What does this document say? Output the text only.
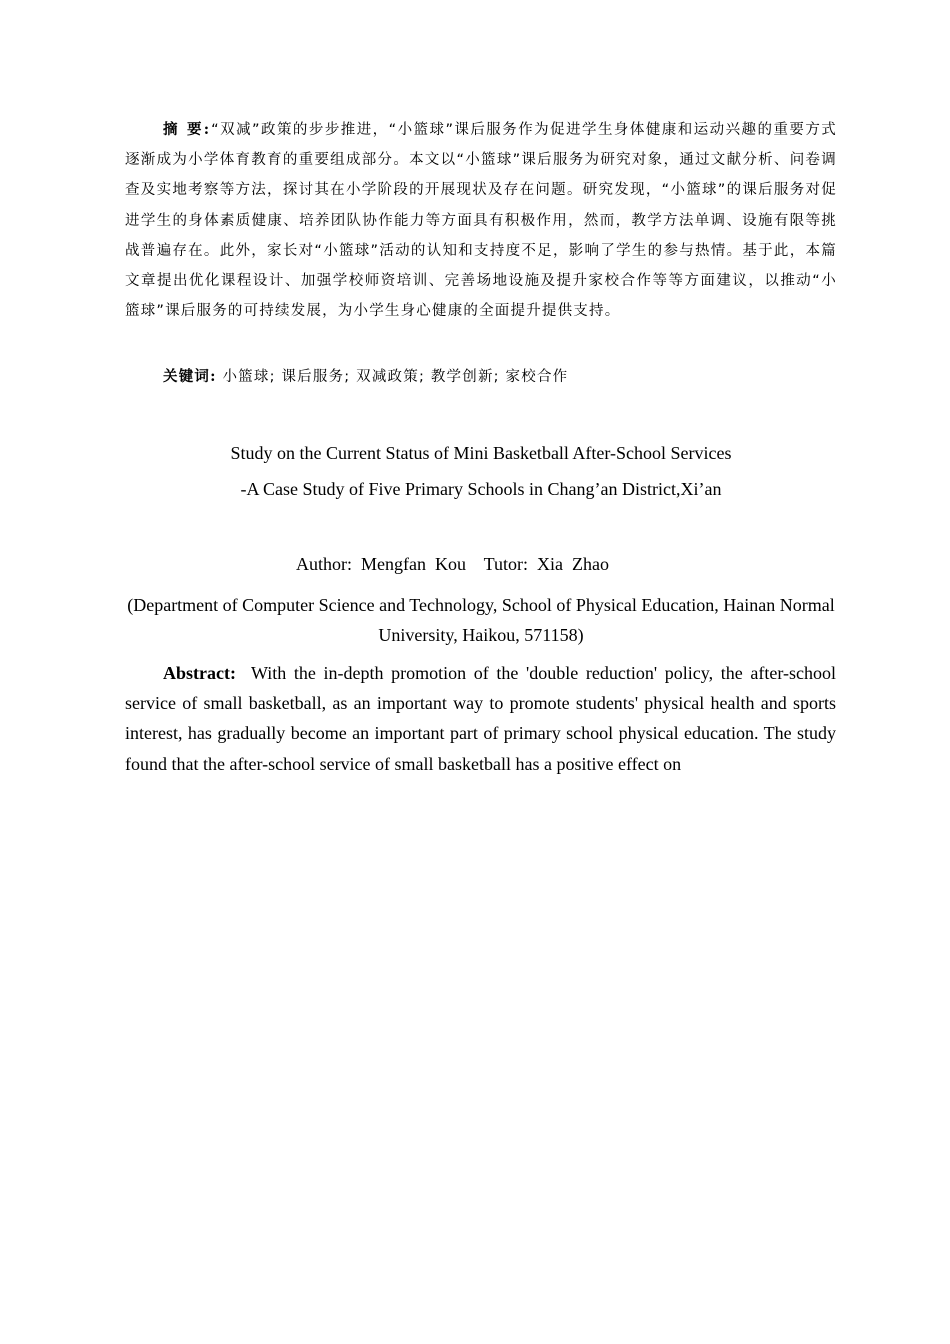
摘 要:“双减”政策的步步推进，“小篮球”课后服务作为促进学生身体健康和运动兴趣的重要方式逐渐成为小学体育教育的重要组成部分。本文以“小篮球”课后服务为研究对象，通过文献分析、问卷调查及实地考察等方法，探讨其在小学阶段的开展现状及存在问题。研究发现，“小篮球”的课后服务对促进学生的身体素质健康、培养团队协作能力等方面具有积极作用，然而，教学方法单调、设施有限等挑战普遍存在。此外，家长对“小篮球”活动的认知和支持度不足，影响了学生的参与热情。基于此，本篇文章提出优化课程设计、加强学校师资培训、完善场地设施及提升家校合作等等方面建议，以推动“小篮球”课后服务的可持续发展，为小学生身心健康的全面提升提供支持。

关键词: 小篮球; 课后服务; 双减政策; 教学创新; 家校合作

Study on the Current Status of Mini Basketball After-School Services

-A Case Study of Five Primary Schools in Chang’an District,Xi’an

Author:  Mengfan  Kou    Tutor:  Xia  Zhao

(Department of Computer Science and Technology, School of Physical Education, Hainan Normal University, Haikou, 571158)

Abstract: With the in-depth promotion of the 'double reduction' policy, the after-school service of small basketball, as an important way to promote students' physical health and sports interest, has gradually become an important part of primary school physical education. The study found that the after-school service of small basketball has a positive effect on
